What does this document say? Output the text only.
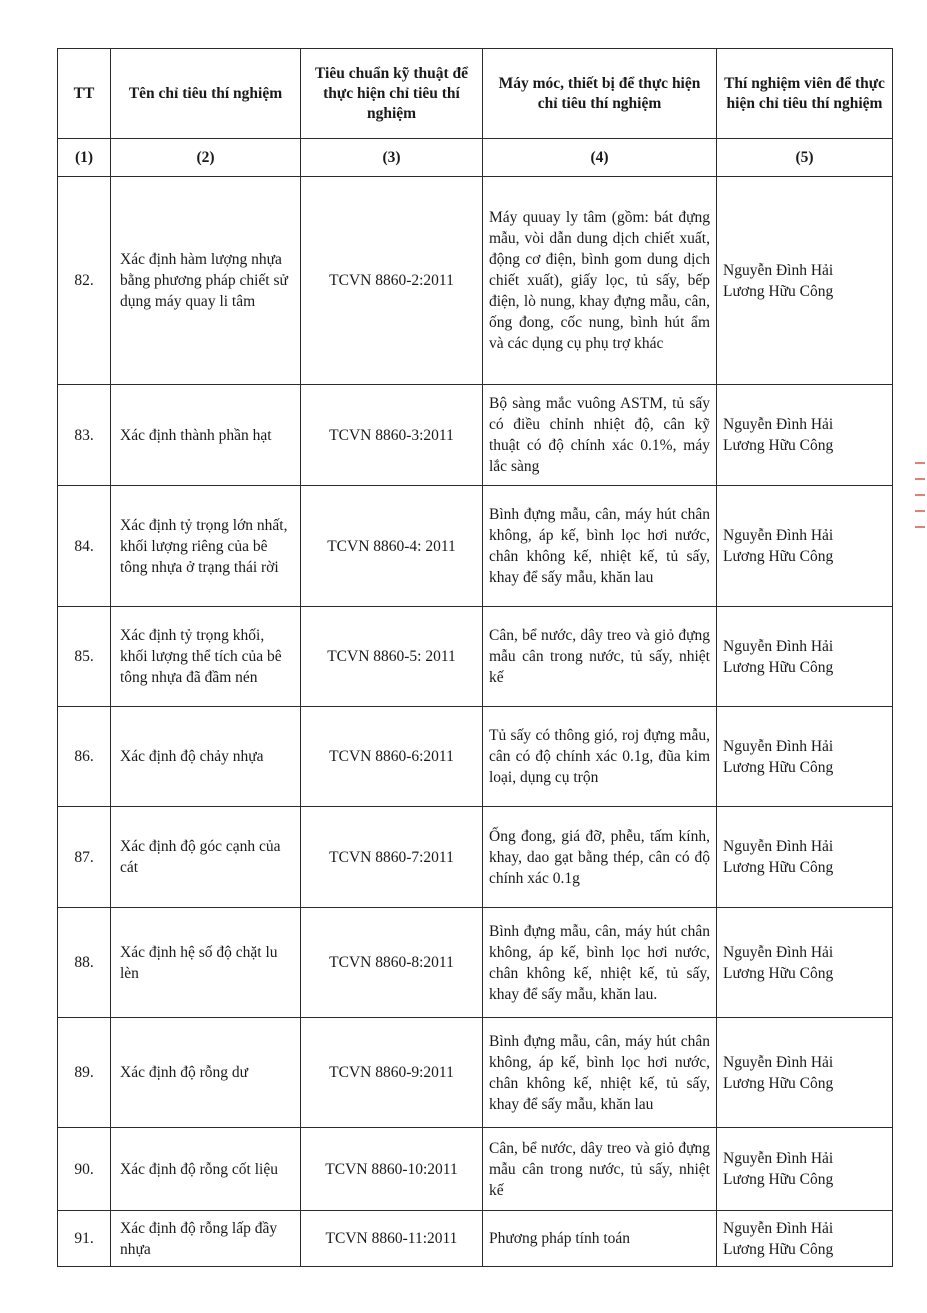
TT	Tên chỉ tiêu thí nghiệm	Tiêu chuẩn kỹ thuật để thực hiện chỉ tiêu thí nghiệm	Máy móc, thiết bị để thực hiện chỉ tiêu thí nghiệm	Thí nghiệm viên để thực hiện chỉ tiêu thí nghiệm
(1)	(2)	(3)	(4)	(5)
82.	Xác định hàm lượng nhựa bằng phương pháp chiết sử dụng máy quay li tâm	TCVN 8860-2:2011	Máy quuay ly tâm (gồm: bát đựng mẫu, vòi dẫn dung dịch chiết xuất, động cơ điện, bình gom dung dịch chiết xuất), giấy lọc, tủ sấy, bếp điện, lò nung, khay đựng mẫu, cân, ống đong, cốc nung, bình hút ẩm và các dụng cụ phụ trợ khác	Nguyễn Đình Hải
Lương Hữu Công

83.	Xác định thành phần hạt	TCVN 8860-3:2011	Bộ sàng mắc vuông ASTM, tủ sấy có điều chỉnh nhiệt độ, cân kỹ thuật có độ chính xác 0.1%, máy lắc sàng	Nguyễn Đình Hải
Lương Hữu Công

84.	Xác định tỷ trọng lớn nhất, khối lượng riêng của bê tông nhựa ở trạng thái rời	TCVN 8860-4: 2011	Bình đựng mẫu, cân, máy hút chân không, áp kế, bình lọc hơi nước, chân không kế, nhiệt kế, tủ sấy, khay để sấy mẫu, khăn lau	Nguyễn Đình Hải
Lương Hữu Công

85.	Xác định tỷ trọng khối, khối lượng thể tích của bê tông nhựa đã đầm nén	TCVN 8860-5: 2011	Cân, bể nước, dây treo và giỏ đựng mẫu cân trong nước, tủ sấy, nhiệt kế	Nguyễn Đình Hải
Lương Hữu Công

86.	Xác định độ chảy nhựa	TCVN 8860-6:2011	Tủ sấy có thông gió, roj đựng mẫu, cân có độ chính xác 0.1g, đũa kim loại, dụng cụ trộn	Nguyễn Đình Hải
Lương Hữu Công

87.	Xác định độ góc cạnh của cát	TCVN 8860-7:2011	Ống đong, giá đỡ, phễu, tấm kính, khay, dao gạt bằng thép, cân có độ chính xác 0.1g	Nguyễn Đình Hải
Lương Hữu Công

88.	Xác định hệ số độ chặt lu lèn	TCVN 8860-8:2011	Bình đựng mẫu, cân, máy hút chân không, áp kế, bình lọc hơi nước, chân không kế, nhiệt kế, tủ sấy, khay để sấy mẫu, khăn lau.	Nguyễn Đình Hải
Lương Hữu Công

89.	Xác định độ rỗng dư	TCVN 8860-9:2011	Bình đựng mẫu, cân, máy hút chân không, áp kế, bình lọc hơi nước, chân không kế, nhiệt kế, tủ sấy, khay để sấy mẫu, khăn lau	Nguyễn Đình Hải
Lương Hữu Công

90.	Xác định độ rỗng cốt liệu	TCVN 8860-10:2011	Cân, bể nước, dây treo và giỏ đựng mẫu cân trong nước, tủ sấy, nhiệt kế	Nguyễn Đình Hải
Lương Hữu Công

91.	Xác định độ rỗng lấp đầy nhựa	TCVN 8860-11:2011	Phương pháp tính toán	Nguyễn Đình Hải
Lương Hữu Công
